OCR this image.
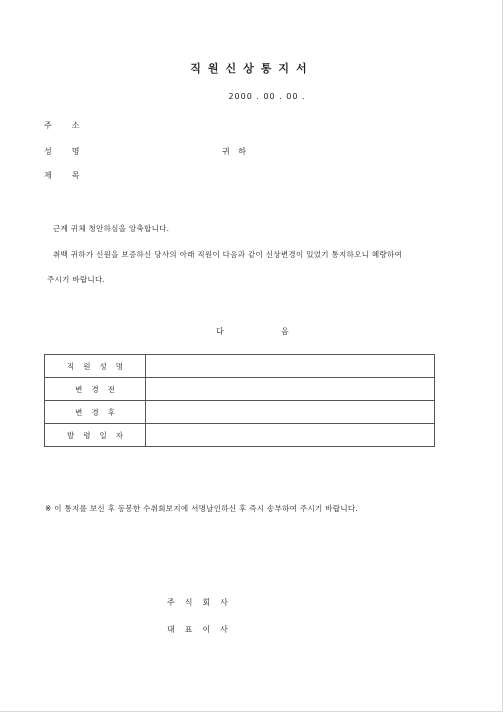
직원신상통지서
2000 . 00 . 00 .
주소
성명	귀 하
제목
근계 귀체 청안하심을 앙축합니다.
취백 귀하가 신원을 보증하신 당사의 아래 직원이 다음과 같이 신상변경이 있었기 통지하오니 혜량하여
주시기 바랍니다.
다	음
직원성명	
변경전	
변경후	
발령일자	
※ 이 통지를 보신 후 동봉한 수취회보지에 서명날인하신 후 즉시 송부하여 주시기 바랍니다.
주식회사
대표이사
